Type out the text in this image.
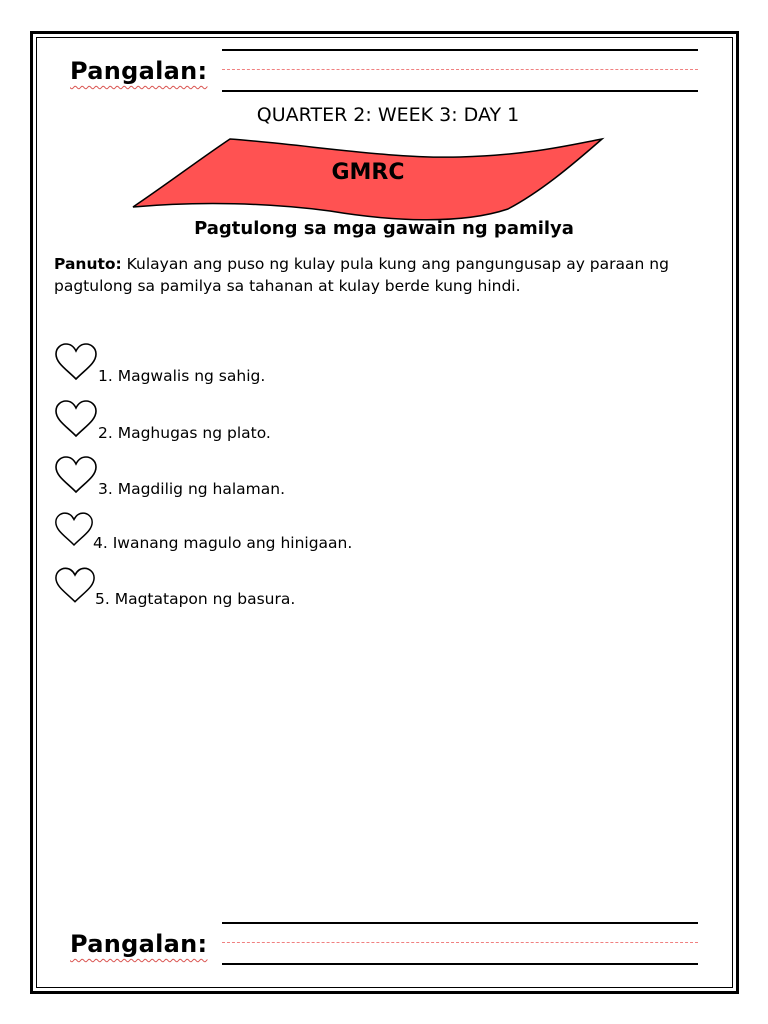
Pangalan:
QUARTER 2: WEEK 3: DAY 1
GMRC
Pagtulong sa mga gawain ng pamilya
Panuto: Kulayan ang puso ng kulay pula kung ang pangungusap ay paraan ng pagtulong sa pamilya sa tahanan at kulay berde kung hindi.
1. Magwalis ng sahig.
2. Maghugas ng plato.
3. Magdilig ng halaman.
4. Iwanang magulo ang hinigaan.
5. Magtatapon ng basura.
Pangalan:
